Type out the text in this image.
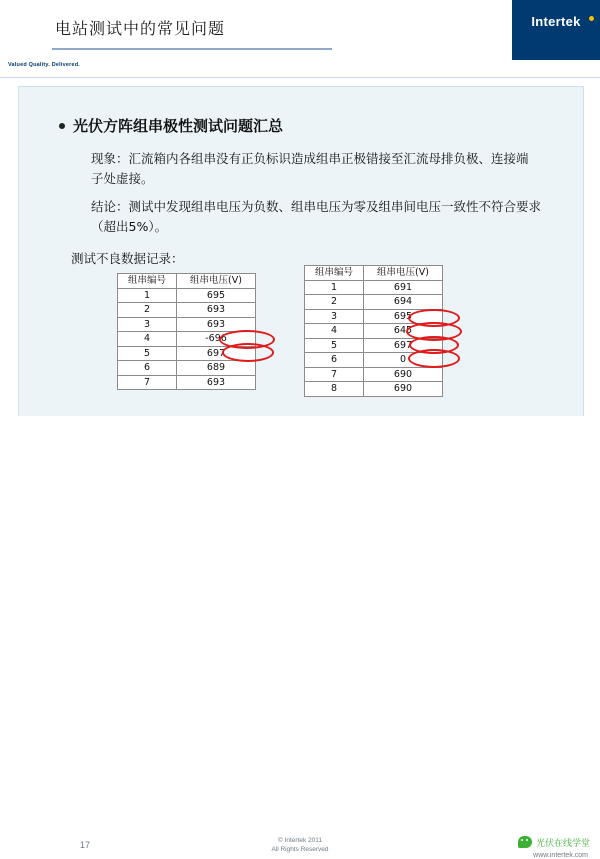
电站测试中的常见问题	Intertek
Valued Quality. Delivered.
光伏方阵组串极性测试问题汇总
现象：汇流箱内各组串没有正负标识造成组串正极错接至汇流母排负极、连接端子处虚接。
结论：测试中发现组串电压为负数、组串电压为零及组串间电压一致性不符合要求（超出5%）。
测试不良数据记录：
组串编号	组串电压(V)
1	695
2	693
3	693
4	-696
5	697
6	689
7	693
组串编号	组串电压(V)
1	691
2	694
3	695
4	645
5	697
6	0
7	690
8	690
17	© Intertek 2011
All Rights Reserved
www.intertek.com
光伏在线学堂
